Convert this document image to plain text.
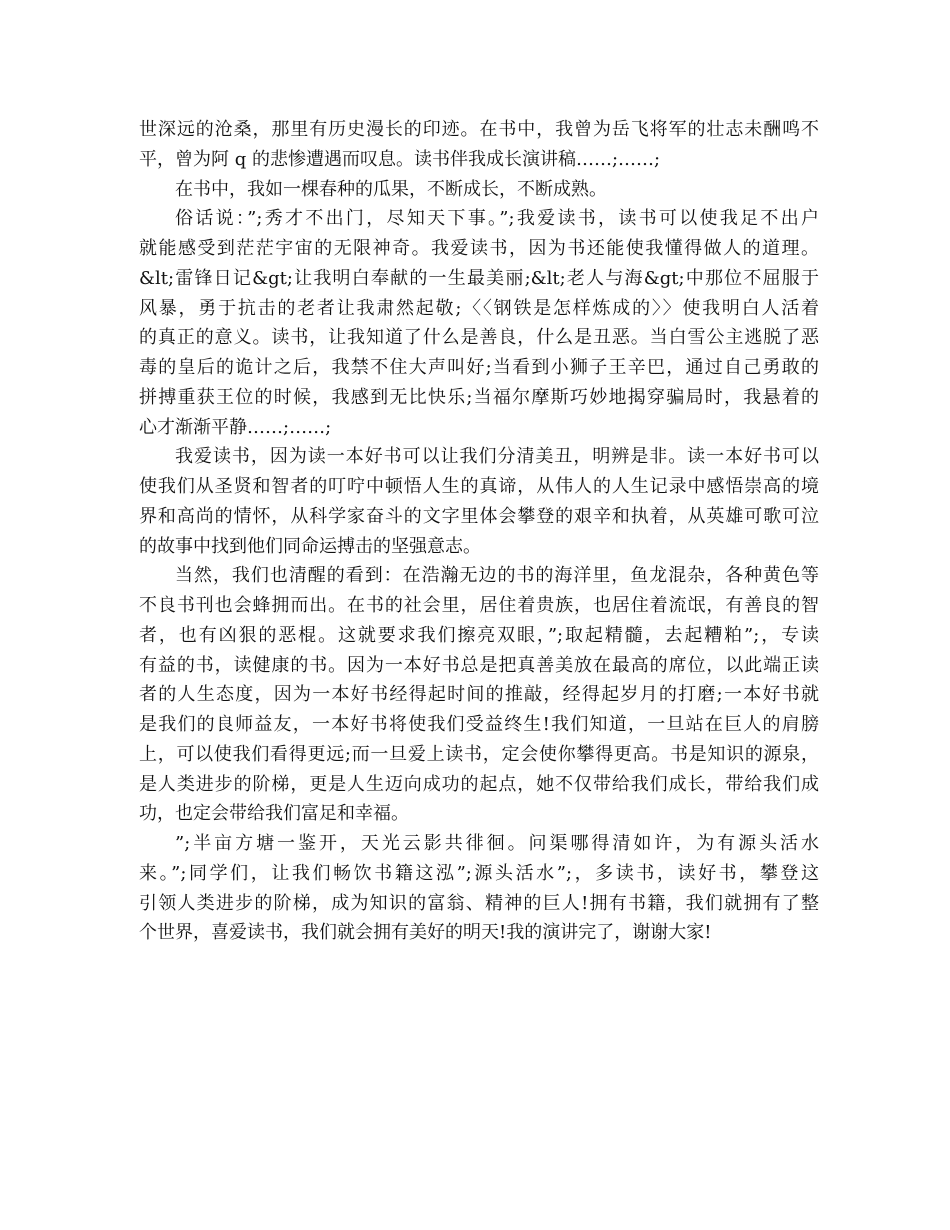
世深远的沧桑，那里有历史漫长的印迹。在书中，我曾为岳飞将军的壮志未酬鸣不
平，曾为阿 q 的悲惨遭遇而叹息。读书伴我成长演讲稿……;……;
在书中，我如一棵春种的瓜果，不断成长，不断成熟。
俗话说：”;秀才不出门，尽知天下事。”;我爱读书，读书可以使我足不出户
就能感受到茫茫宇宙的无限神奇。我爱读书，因为书还能使我懂得做人的道理。
&lt;雷锋日记&gt;让我明白奉献的一生最美丽;&lt;老人与海&gt;中那位不屈服于
风暴，勇于抗击的老者让我肃然起敬;〈〈钢铁是怎样炼成的〉〉使我明白人活着
的真正的意义。读书，让我知道了什么是善良，什么是丑恶。当白雪公主逃脱了恶
毒的皇后的诡计之后，我禁不住大声叫好;当看到小狮子王辛巴，通过自己勇敢的
拼搏重获王位的时候，我感到无比快乐;当福尔摩斯巧妙地揭穿骗局时，我悬着的
心才渐渐平静……;……;
我爱读书，因为读一本好书可以让我们分清美丑，明辨是非。读一本好书可以
使我们从圣贤和智者的叮咛中顿悟人生的真谛，从伟人的人生记录中感悟崇高的境
界和高尚的情怀，从科学家奋斗的文字里体会攀登的艰辛和执着，从英雄可歌可泣
的故事中找到他们同命运搏击的坚强意志。
当然，我们也清醒的看到：在浩瀚无边的书的海洋里，鱼龙混杂，各种黄色等
不良书刊也会蜂拥而出。在书的社会里，居住着贵族，也居住着流氓，有善良的智
者，也有凶狠的恶棍。这就要求我们擦亮双眼，”;取起精髓，去起糟粕”;，专读
有益的书，读健康的书。因为一本好书总是把真善美放在最高的席位，以此端正读
者的人生态度，因为一本好书经得起时间的推敲，经得起岁月的打磨;一本好书就
是我们的良师益友，一本好书将使我们受益终生!我们知道，一旦站在巨人的肩膀
上，可以使我们看得更远;而一旦爱上读书，定会使你攀得更高。书是知识的源泉，
是人类进步的阶梯，更是人生迈向成功的起点，她不仅带给我们成长，带给我们成
功，也定会带给我们富足和幸福。
”;半亩方塘一鉴开，天光云影共徘徊。问渠哪得清如许，为有源头活水
来。”;同学们，让我们畅饮书籍这泓”;源头活水”;，多读书，读好书，攀登这
引领人类进步的阶梯，成为知识的富翁、精神的巨人!拥有书籍，我们就拥有了整
个世界，喜爱读书，我们就会拥有美好的明天!我的演讲完了，谢谢大家!
